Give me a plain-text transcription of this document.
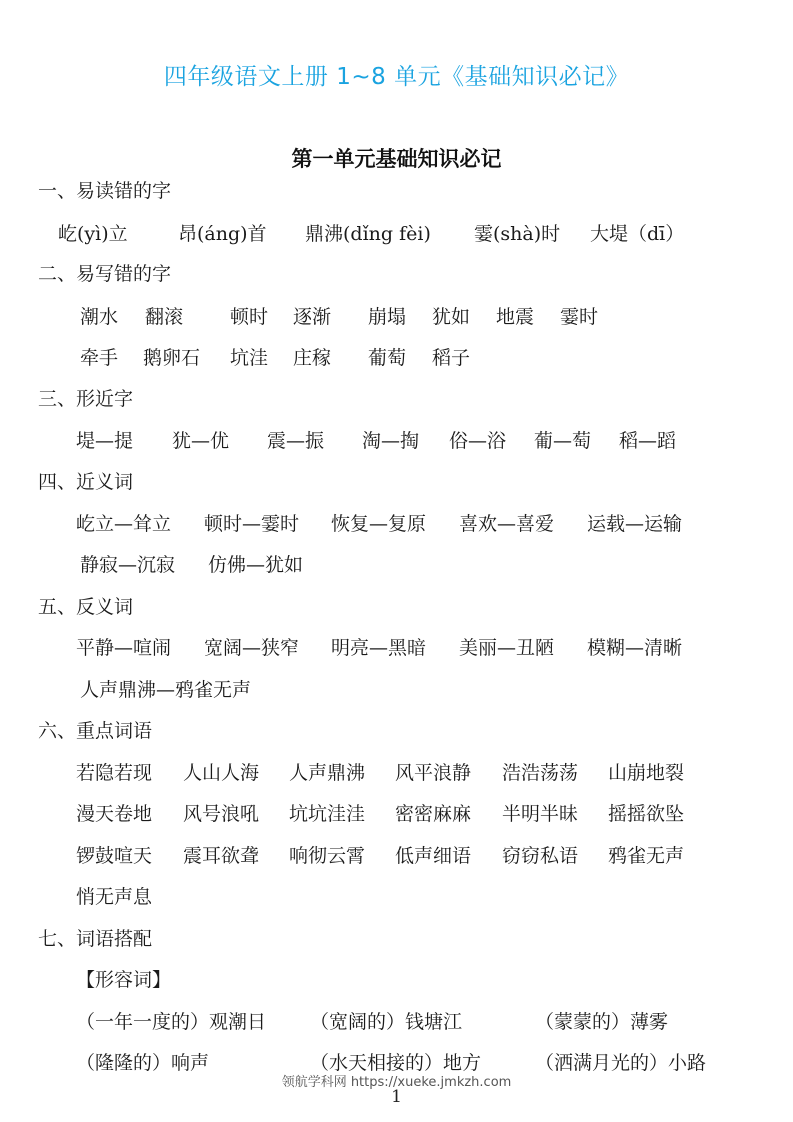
四年级语文上册 1~8 单元《基础知识必记》
第一单元基础知识必记
一、易读错的字
屹(yì)立	昂(áng)首 鼎沸(dǐng fèi) 霎(shà)时 大堤（dī）
二、易写错的字
潮水 翻滚 顿时 逐渐 崩塌 犹如 地震 霎时
牵手 鹅卵石 坑洼 庄稼 葡萄 稻子
三、形近字
堤—提 犹—优 震—振 淘—掏 俗—浴 葡—萄 稻—蹈
四、近义词
屹立—耸立 顿时—霎时 恢复—复原 喜欢—喜爱 运载—运输
静寂—沉寂 仿佛—犹如
五、反义词
平静—喧闹 宽阔—狭窄 明亮—黑暗 美丽—丑陋 模糊—清晰
人声鼎沸—鸦雀无声
六、重点词语
若隐若现 人山人海 人声鼎沸 风平浪静 浩浩荡荡 山崩地裂
漫天卷地 风号浪吼 坑坑洼洼 密密麻麻 半明半昧 摇摇欲坠
锣鼓喧天 震耳欲聋 响彻云霄 低声细语 窃窃私语 鸦雀无声
悄无声息
七、词语搭配
【形容词】
（一年一度的）观潮日 （宽阔的）钱塘江	（蒙蒙的）薄雾
（隆隆的）响声	（水天相接的）地方	（洒满月光的）小路
领航学科网 https://xueke.jmkzh.com
1
